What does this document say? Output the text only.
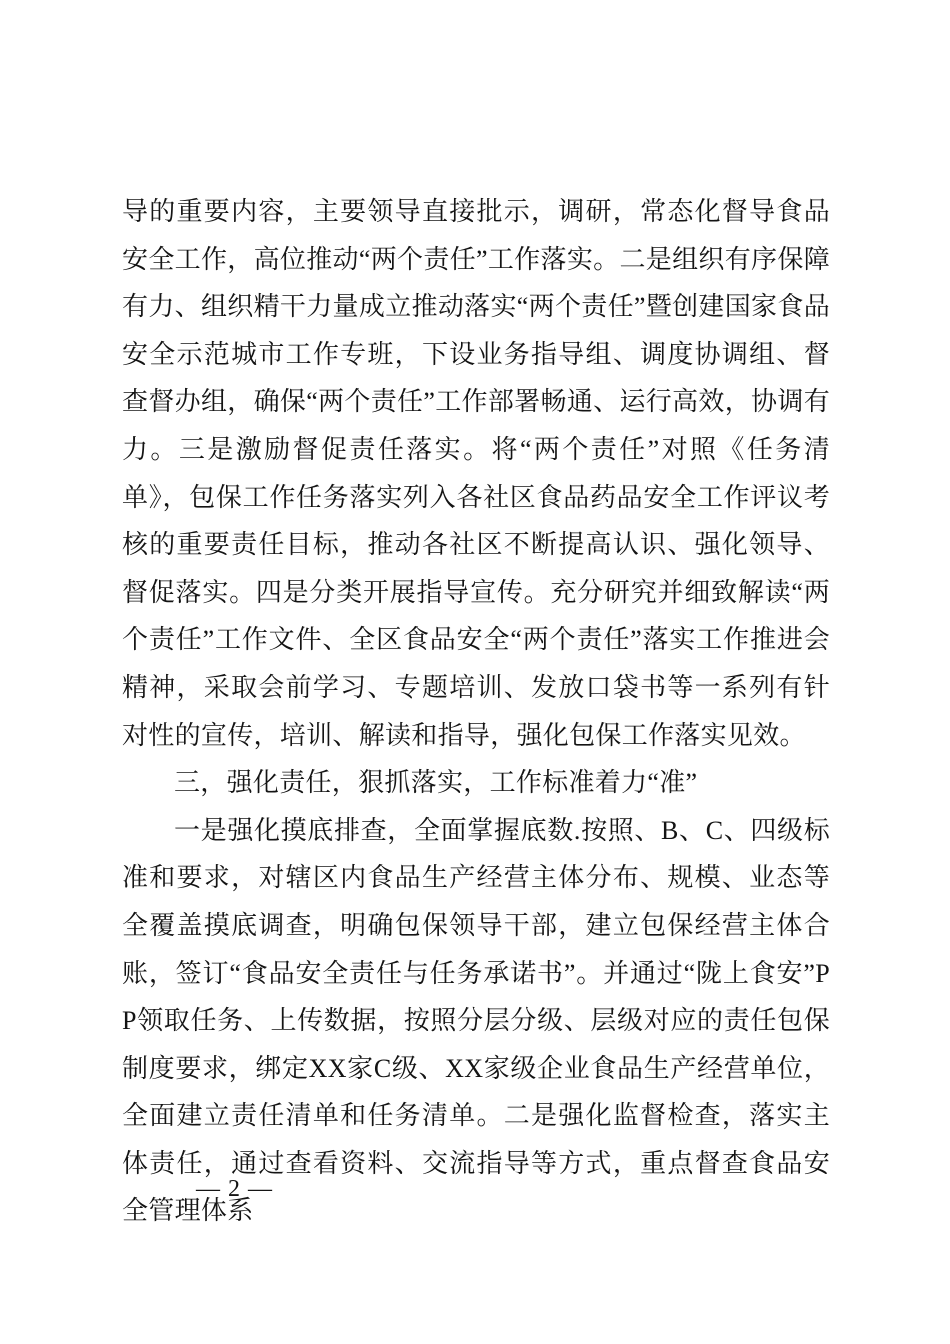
导的重要内容，主要领导直接批示，调研，常态化督导食品安全工作，高位推动“两个责任”工作落实。二是组织有序保障有力、组织精干力量成立推动落实“两个责任”暨创建国家食品安全示范城市工作专班，下设业务指导组、调度协调组、督查督办组，确保“两个责任”工作部署畅通、运行高效，协调有力。三是激励督促责任落实。将“两个责任”对照《任务清单》，包保工作任务落实列入各社区食品药品安全工作评议考核的重要责任目标，推动各社区不断提高认识、强化领导、督促落实。四是分类开展指导宣传。充分研究并细致解读“两个责任”工作文件、全区食品安全“两个责任”落实工作推进会精神，采取会前学习、专题培训、发放口袋书等一系列有针对性的宣传，培训、解读和指导，强化包保工作落实见效。

三，强化责任，狠抓落实，工作标准着力“准”

一是强化摸底排查，全面掌握底数.按照、B、C、四级标准和要求，对辖区内食品生产经营主体分布、规模、业态等全覆盖摸底调查，明确包保领导干部，建立包保经营主体合账，签订“食品安全责任与任务承诺书”。并通过“陇上食安”PP领取任务、上传数据，按照分层分级、层级对应的责任包保制度要求，绑定XX家C级、XX家级企业食品生产经营单位，全面建立责任清单和任务清单。二是强化监督检查，落实主体责任，通过查看资料、交流指导等方式，重点督查食品安全管理体系

— 2 —
